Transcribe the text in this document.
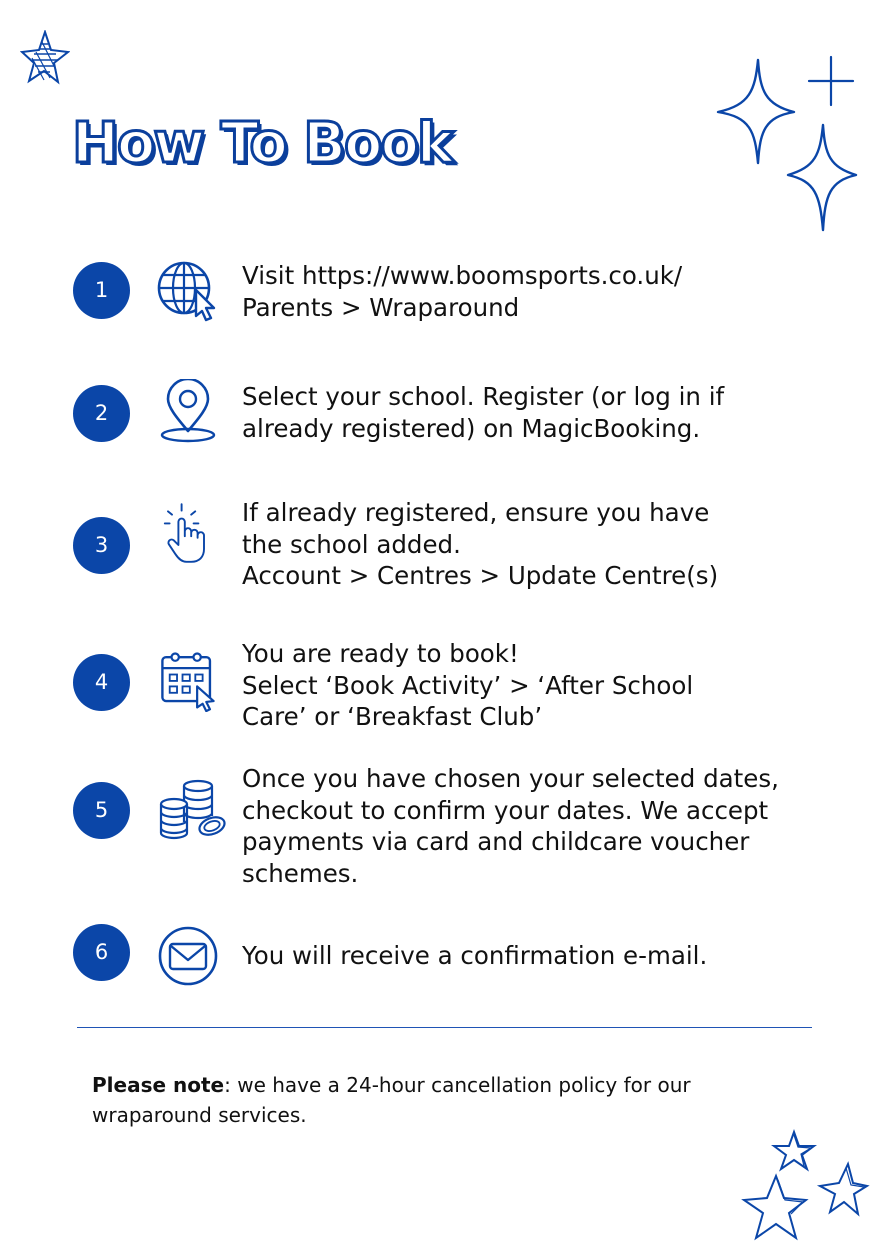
How To Book
1	Visit https://www.boomsports.co.uk/
Parents > Wraparound

2

Select your school. Register (or log in if
already registered) on MagicBooking.

3

If already registered, ensure you have
the school added.
Account > Centres > Update Centre(s)

4

You are ready to book!
Select ‘Book Activity’ > ‘After School
Care’ or ‘Breakfast Club’

5

Once you have chosen your selected dates,
checkout to confirm your dates. We accept
payments via card and childcare voucher
schemes.

6	You will receive a confirmation e-mail.

Please note: we have a 24-hour cancellation policy for our wraparound services.
